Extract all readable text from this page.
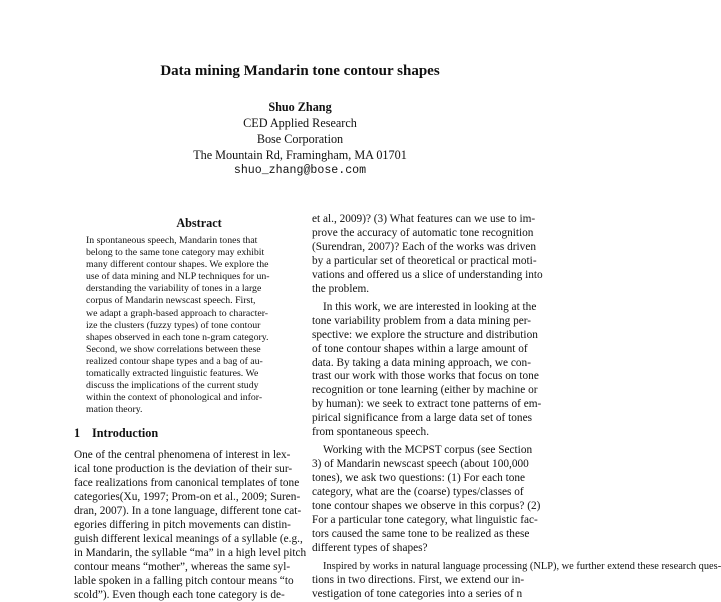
Data mining Mandarin tone contour shapes
Shuo Zhang
CED Applied Research
Bose Corporation
The Mountain Rd, Framingham, MA 01701
shuo_zhang@bose.com
Abstract
In spontaneous speech, Mandarin tones that
belong to the same tone category may exhibit
many different contour shapes. We explore the
use of data mining and NLP techniques for un-
derstanding the variability of tones in a large
corpus of Mandarin newscast speech. First,
we adapt a graph-based approach to character-
ize the clusters (fuzzy types) of tone contour
shapes observed in each tone n-gram category.
Second, we show correlations between these
realized contour shape types and a bag of au-
tomatically extracted linguistic features. We
discuss the implications of the current study
within the context of phonological and infor-
mation theory.
1 Introduction
One of the central phenomena of interest in lex-
ical tone production is the deviation of their sur-
face realizations from canonical templates of tone
categories(Xu, 1997; Prom-on et al., 2009; Suren-
dran, 2007). In a tone language, different tone cat-
egories differing in pitch movements can distin-
guish different lexical meanings of a syllable (e.g.,
in Mandarin, the syllable “ma” in a high level pitch
contour means “mother”, whereas the same syl-
lable spoken in a falling pitch contour means “to
scold”). Even though each tone category is de-
et al., 2009)? (3) What features can we use to im-
prove the accuracy of automatic tone recognition
(Surendran, 2007)? Each of the works was driven
by a particular set of theoretical or practical moti-
vations and offered us a slice of understanding into
the problem.
In this work, we are interested in looking at the
tone variability problem from a data mining per-
spective: we explore the structure and distribution
of tone contour shapes within a large amount of
data. By taking a data mining approach, we con-
trast our work with those works that focus on tone
recognition or tone learning (either by machine or
by human): we seek to extract tone patterns of em-
pirical significance from a large data set of tones
from spontaneous speech.
Working with the MCPST corpus (see Section
3) of Mandarin newscast speech (about 100,000
tones), we ask two questions: (1) For each tone
category, what are the (coarse) types/classes of
tone contour shapes we observe in this corpus? (2)
For a particular tone category, what linguistic fac-
tors caused the same tone to be realized as these
different types of shapes?
Inspired by works in natural language processing (NLP), we further extend these research ques-
tions in two directions. First, we extend our in-
vestigation of tone categories into a series of n
